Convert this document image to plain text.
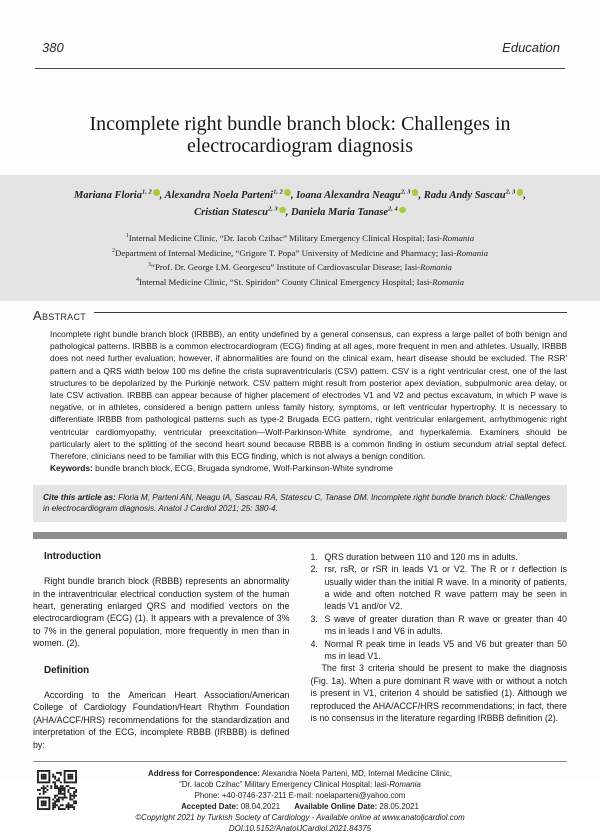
380	Education
Incomplete right bundle branch block: Challenges in electrocardiogram diagnosis
Mariana Floria$^{1, 2}$ , Alexandra Noela Parteni$^{1, 2}$ , Ioana Alexandra Neagu$^{2, 3}$ , Radu Andy Sascau$^{2, 3}$ , Cristian Statescu$^{2, 3}$ , Daniela Maria Tanase$^{2, 4}$
$^1$Internal Medicine Clinic, “Dr. Iacob Czihac” Military Emergency Clinical Hospital; Iasi-Romania
$^2$Department of Internal Medicine, “Grigore T. Popa” University of Medicine and Pharmacy; Iasi-Romania
$^3$“Prof. Dr. George I.M. Georgescu” Institute of Cardiovascular Disease; Iasi-Romania
$^4$Internal Medicine Clinic, “St. Spiridon” County Clinical Emergency Hospital; Iasi-Romania
Abstract

Incomplete right bundle branch block (IRBBB), an entity undefined by a general consensus, can express a large pallet of both benign and pathological patterns. IRBBB is a common electrocardiogram (ECG) finding at all ages, more frequent in men and athletes. Usually, IRBBB does not need further evaluation; however, if abnormalities are found on the clinical exam, heart disease should be excluded. The RSR' pattern and a QRS width below 100 ms define the crista supraventricularis (CSV) pattern. CSV is a right ventricular crest, one of the last structures to be depolarized by the Purkinje network. CSV pattern might result from posterior apex deviation, subpulmonic area delay, or late CSV activation. IRBBB can appear because of higher placement of electrodes V1 and V2 and pectus excavatum, in which P wave is negative, or in athletes, considered a benign pattern unless family history, symptoms, or left ventricular hypertrophy. It is necessary to differentiate IRBBB from pathological patterns such as type-2 Brugada ECG pattern, right ventricular enlargement, arrhythmogenic right ventricular cardiomyopathy, ventricular preexcitation—Wolf-Parkinson-White syndrome, and hyperkalemia. Examiners should be particularly alert to the splitting of the second heart sound because RBBB is a common finding in ostium secundum atrial septal defect. Therefore, clinicians need to be familiar with this ECG finding, which is not always a benign condition.

Keywords: bundle branch block, ECG, Brugada syndrome, Wolf-Parkinson-White syndrome

Cite this article as: Floria M, Parteni AN, Neagu IA, Sascau RA, Statescu C, Tanase DM. Incomplete right bundle branch block: Challenges in electrocardiogram diagnosis. Anatol J Cardiol 2021; 25: 380-4.
Introduction

Right bundle branch block (RBBB) represents an abnormality in the intraventricular electrical conduction system of the human heart, generating enlarged QRS and modified vectors on the electrocardiogram (ECG) (1). It appears with a prevalence of 3% to 7% in the general population, more frequently in men than in women. (2).

Definition

According to the American Heart Association/American College of Cardiology Foundation/Heart Rhythm Foundation (AHA/ACCF/HRS) recommendations for the standardization and interpretation of the ECG, incomplete RBBB (IRBBB) is defined by:

1. QRS duration between 110 and 120 ms in adults.
2. rsr, rsR, or rSR in leads V1 or V2. The R or r deflection is usually wider than the initial R wave. In a minority of patients, a wide and often notched R wave pattern may be seen in leads V1 and/or V2.
3. S wave of greater duration than R wave or greater than 40 ms in leads I and V6 in adults.
4. Normal R peak time in leads V5 and V6 but greater than 50 ms in lead V1.

The first 3 criteria should be present to make the diagnosis (Fig. 1a). When a pure dominant R wave with or without a notch is present in V1, criterion 4 should be satisfied (1). Although we reproduced the AHA/ACCF/HRS recommendations; in fact, there is no consensus in the literature regarding IRBBB definition (2).

Address for Correspondence: Alexandra Noela Parteni, MD, Internal Medicine Clinic,

“Dr. Iacob Czihac” Military Emergency Clinical Hospital; Iasi-Romania

Phone: +40-0746-237-211 E-mail: noelaparteni@yahoo.com

Accepted Date: 08.04.2021 Available Online Date: 28.05.2021

©Copyright 2021 by Turkish Society of Cardiology - Available online at www.anatoljcardiol.com

DOI:10.5152/AnatolJCardiol.2021.84375
